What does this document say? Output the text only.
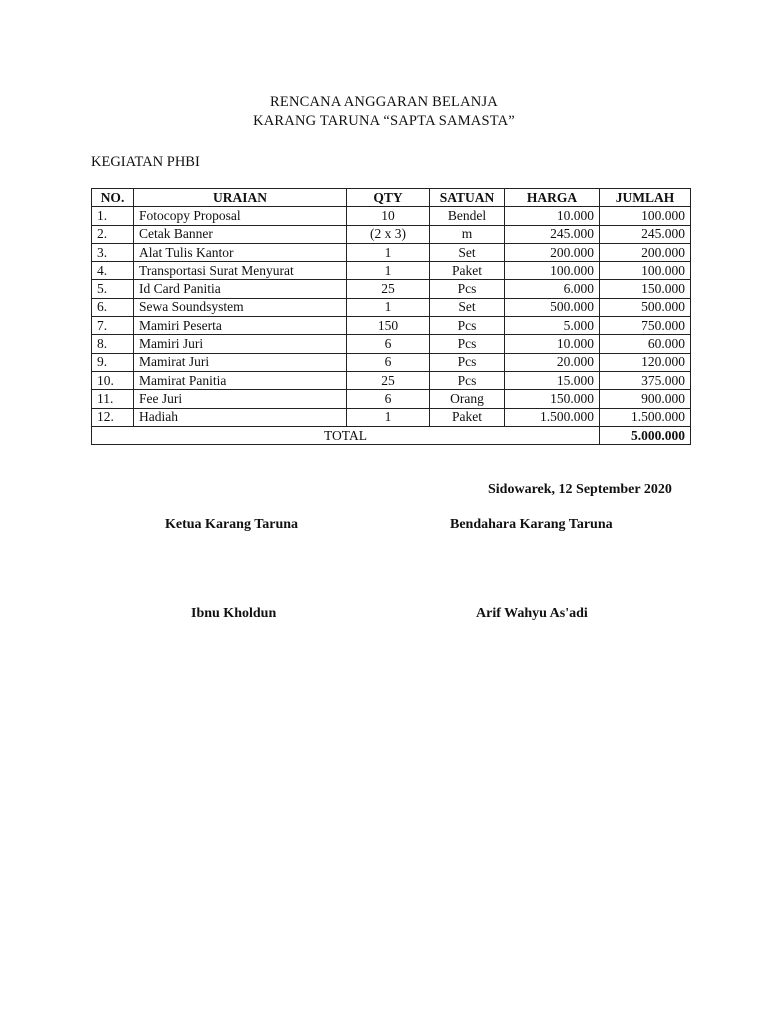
RENCANA ANGGARAN BELANJA
KARANG TARUNA “SAPTA SAMASTA”
KEGIATAN PHBI
NO.	URAIAN	QTY	SATUAN	HARGA	JUMLAH
1.	Fotocopy Proposal	10	Bendel	10.000	100.000
2.	Cetak Banner	(2 x 3)	m	245.000	245.000
3.	Alat Tulis Kantor	1	Set	200.000	200.000
4.	Transportasi Surat Menyurat	1	Paket	100.000	100.000
5.	Id Card Panitia	25	Pcs	6.000	150.000
6.	Sewa Soundsystem	1	Set	500.000	500.000
7.	Mamiri Peserta	150	Pcs	5.000	750.000
8.	Mamiri Juri	6	Pcs	10.000	60.000
9.	Mamirat Juri	6	Pcs	20.000	120.000
10.	Mamirat Panitia	25	Pcs	15.000	375.000
11.	Fee Juri	6	Orang	150.000	900.000
12.	Hadiah	1	Paket	1.500.000	1.500.000
TOTAL					5.000.000
Sidowarek, 12 September 2020
Ketua Karang Taruna	Bendahara Karang Taruna
Ibnu Kholdun	Arif Wahyu As'adi
